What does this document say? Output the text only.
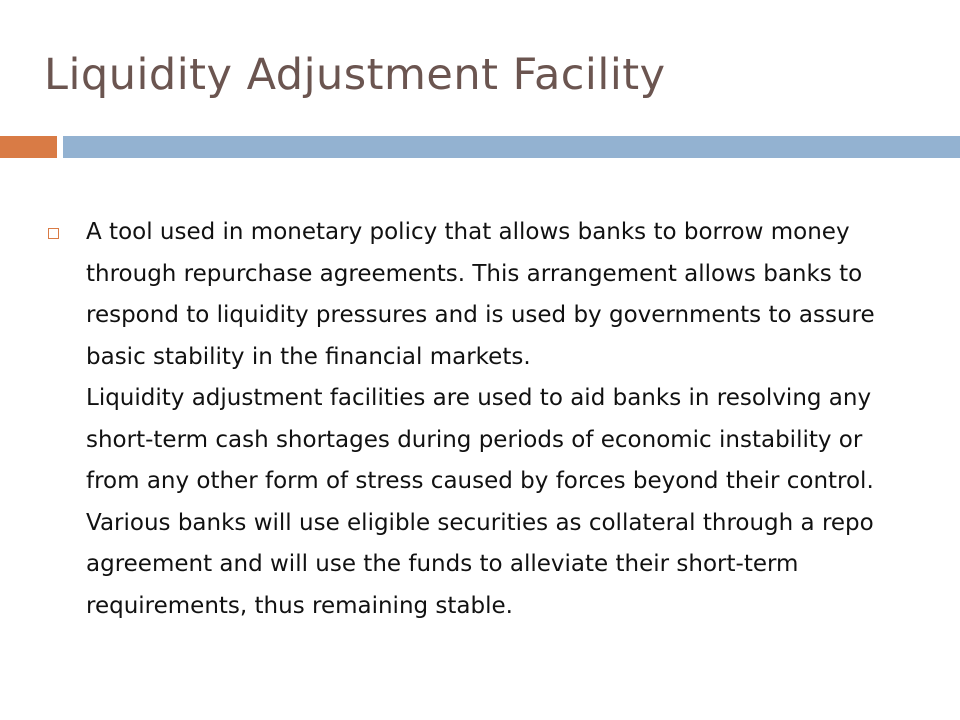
Liquidity Adjustment Facility

A tool used in monetary policy that allows banks to borrow money through repurchase agreements. This arrangement allows banks to respond to liquidity pressures and is used by governments to assure basic stability in the financial markets.

Liquidity adjustment facilities are used to aid banks in resolving any short-term cash shortages during periods of economic instability or from any other form of stress caused by forces beyond their control. Various banks will use eligible securities as collateral through a repo agreement and will use the funds to alleviate their short-term requirements, thus remaining stable.
